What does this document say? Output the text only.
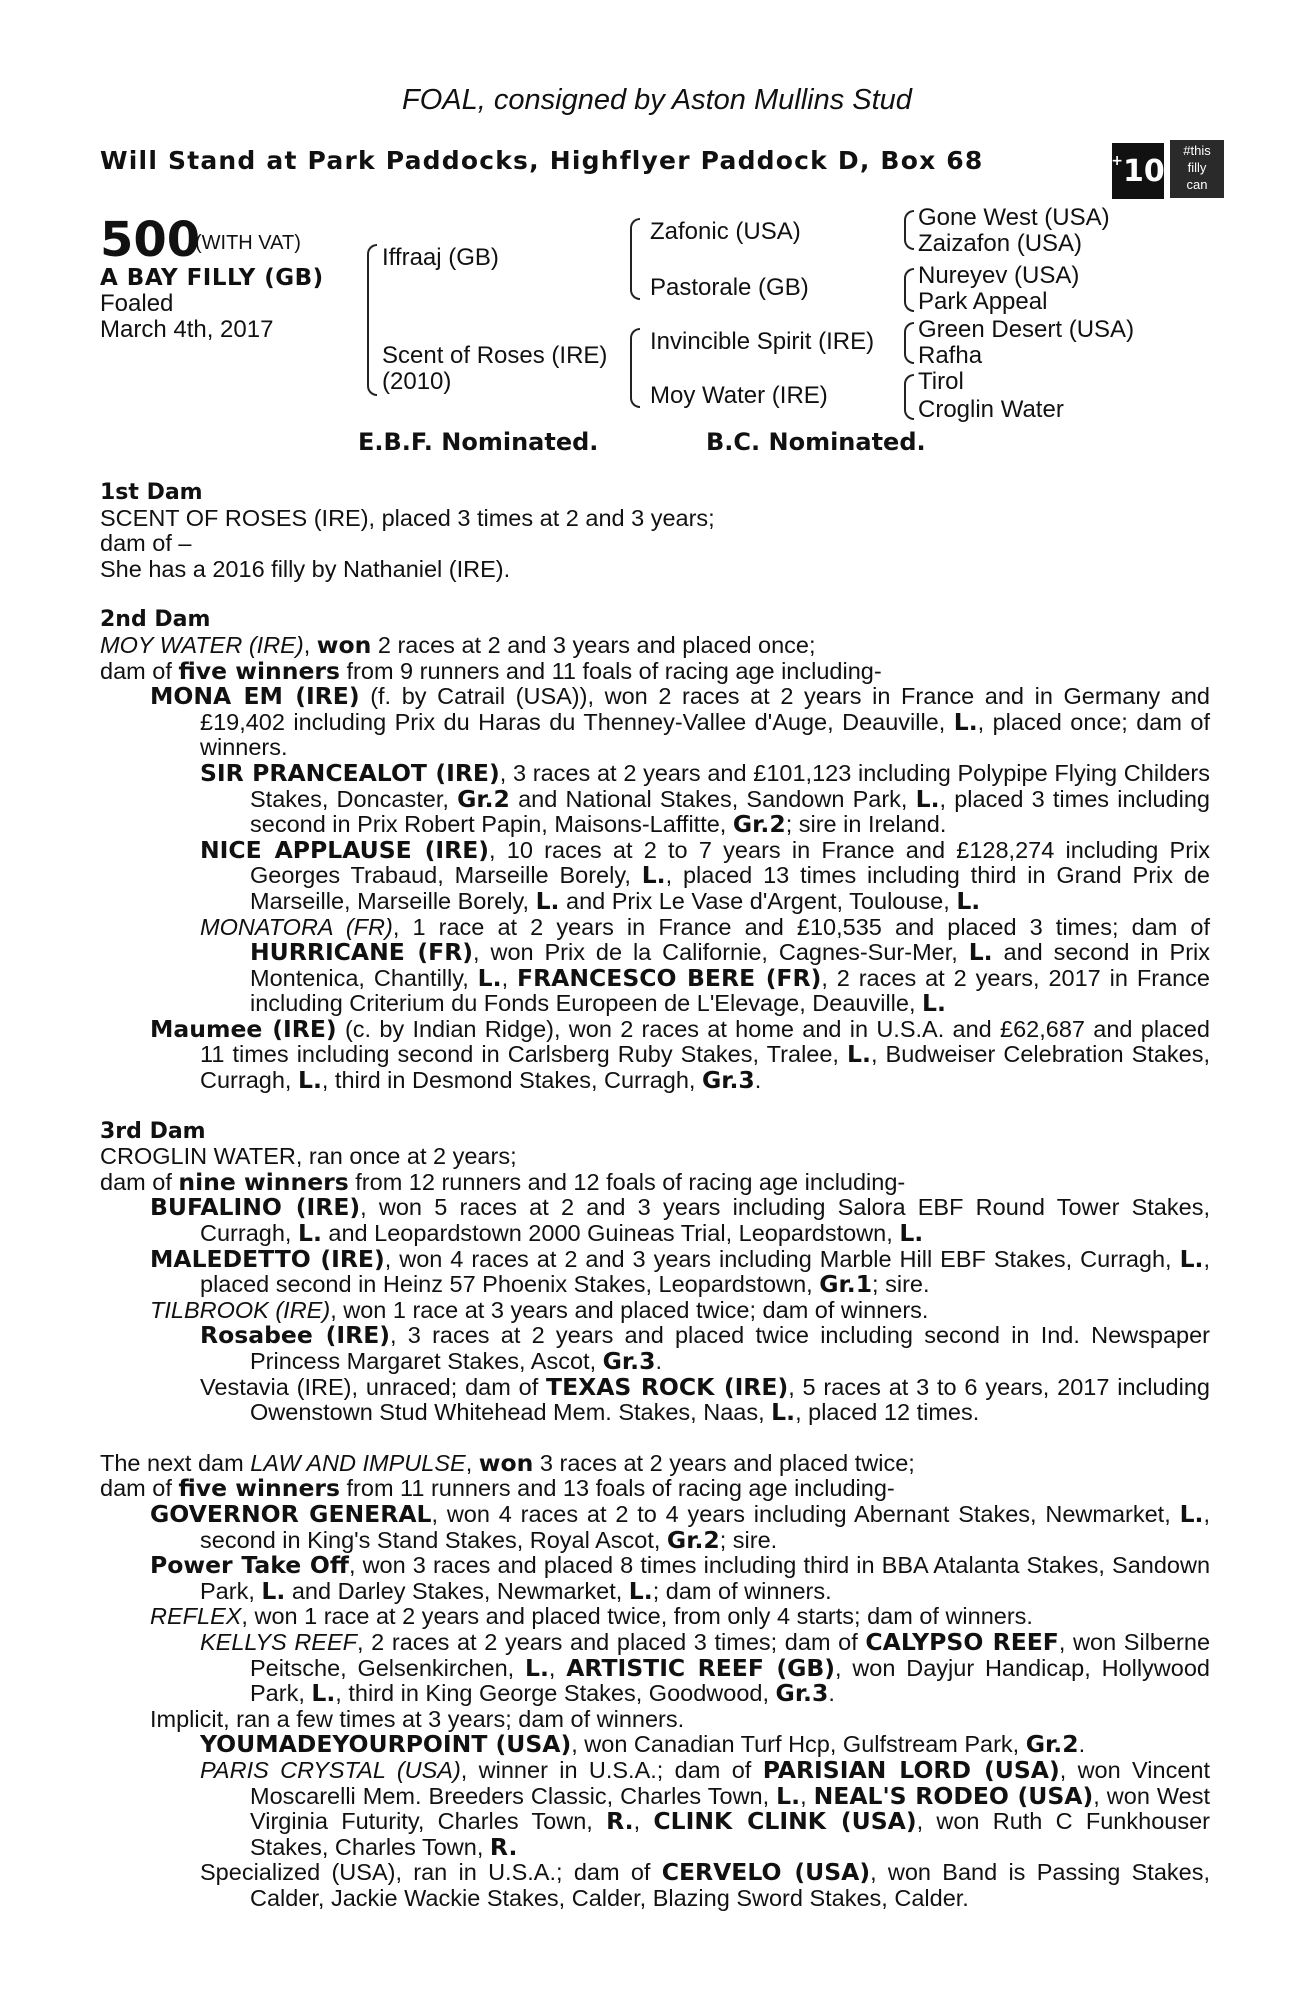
FOAL, consigned by Aston Mullins Stud
Will Stand at Park Paddocks, Highflyer Paddock D, Box 68	+ 10
#this
filly
can
500
(WITH VAT)
A BAY FILLY (GB)
Foaled
March 4th, 2017
Iffraaj (GB)
Scent of Roses (IRE)
(2010)
Zafonic (USA)
Pastorale (GB)
Invincible Spirit (IRE)
Moy Water (IRE)
Gone West (USA)
Zaizafon (USA)
Nureyev (USA)
Park Appeal
Green Desert (USA)
Rafha
Tirol
Croglin Water
E.B.F. Nominated.	B.C. Nominated.

1st Dam

SCENT OF ROSES (IRE), placed 3 times at 2 and 3 years;

dam of –

She has a 2016 filly by Nathaniel (IRE).

2nd Dam

MOY WATER (IRE), won 2 races at 2 and 3 years and placed once;

dam of five winners from 9 runners and 11 foals of racing age including-

MONA EM (IRE) (f. by Catrail (USA)), won 2 races at 2 years in France and in Germany and £19,402 including Prix du Haras du Thenney-Vallee d'Auge, Deauville, L., placed once; dam of winners.

SIR PRANCEALOT (IRE), 3 races at 2 years and £101,123 including Polypipe Flying Childers Stakes, Doncaster, Gr.2 and National Stakes, Sandown Park, L., placed 3 times including second in Prix Robert Papin, Maisons-Laffitte, Gr.2; sire in Ireland.

NICE APPLAUSE (IRE), 10 races at 2 to 7 years in France and £128,274 including Prix Georges Trabaud, Marseille Borely, L., placed 13 times including third in Grand Prix de Marseille, Marseille Borely, L. and Prix Le Vase d'Argent, Toulouse, L.

MONATORA (FR), 1 race at 2 years in France and £10,535 and placed 3 times; dam of HURRICANE (FR), won Prix de la Californie, Cagnes-Sur-Mer, L. and second in Prix Montenica, Chantilly, L., FRANCESCO BERE (FR), 2 races at 2 years, 2017 in France including Criterium du Fonds Europeen de L'Elevage, Deauville, L.

Maumee (IRE) (c. by Indian Ridge), won 2 races at home and in U.S.A. and £62,687 and placed 11 times including second in Carlsberg Ruby Stakes, Tralee, L., Budweiser Celebration Stakes, Curragh, L., third in Desmond Stakes, Curragh, Gr.3.

3rd Dam

CROGLIN WATER, ran once at 2 years;

dam of nine winners from 12 runners and 12 foals of racing age including-

BUFALINO (IRE), won 5 races at 2 and 3 years including Salora EBF Round Tower Stakes, Curragh, L. and Leopardstown 2000 Guineas Trial, Leopardstown, L.

MALEDETTO (IRE), won 4 races at 2 and 3 years including Marble Hill EBF Stakes, Curragh, L., placed second in Heinz 57 Phoenix Stakes, Leopardstown, Gr.1; sire.

TILBROOK (IRE), won 1 race at 3 years and placed twice; dam of winners.

Rosabee (IRE), 3 races at 2 years and placed twice including second in Ind. Newspaper Princess Margaret Stakes, Ascot, Gr.3.

Vestavia (IRE), unraced; dam of TEXAS ROCK (IRE), 5 races at 3 to 6 years, 2017 including Owenstown Stud Whitehead Mem. Stakes, Naas, L., placed 12 times.

The next dam LAW AND IMPULSE, won 3 races at 2 years and placed twice;

dam of five winners from 11 runners and 13 foals of racing age including-

GOVERNOR GENERAL, won 4 races at 2 to 4 years including Abernant Stakes, Newmarket, L., second in King's Stand Stakes, Royal Ascot, Gr.2; sire.

Power Take Off, won 3 races and placed 8 times including third in BBA Atalanta Stakes, Sandown Park, L. and Darley Stakes, Newmarket, L.; dam of winners.

REFLEX, won 1 race at 2 years and placed twice, from only 4 starts; dam of winners.

KELLYS REEF, 2 races at 2 years and placed 3 times; dam of CALYPSO REEF, won Silberne Peitsche, Gelsenkirchen, L., ARTISTIC REEF (GB), won Dayjur Handicap, Hollywood Park, L., third in King George Stakes, Goodwood, Gr.3.

Implicit, ran a few times at 3 years; dam of winners.

YOUMADEYOURPOINT (USA), won Canadian Turf Hcp, Gulfstream Park, Gr.2.

PARIS CRYSTAL (USA), winner in U.S.A.; dam of PARISIAN LORD (USA), won Vincent Moscarelli Mem. Breeders Classic, Charles Town, L., NEAL'S RODEO (USA), won West Virginia Futurity, Charles Town, R., CLINK CLINK (USA), won Ruth C Funkhouser Stakes, Charles Town, R.

Specialized (USA), ran in U.S.A.; dam of CERVELO (USA), won Band is Passing Stakes, Calder, Jackie Wackie Stakes, Calder, Blazing Sword Stakes, Calder.
